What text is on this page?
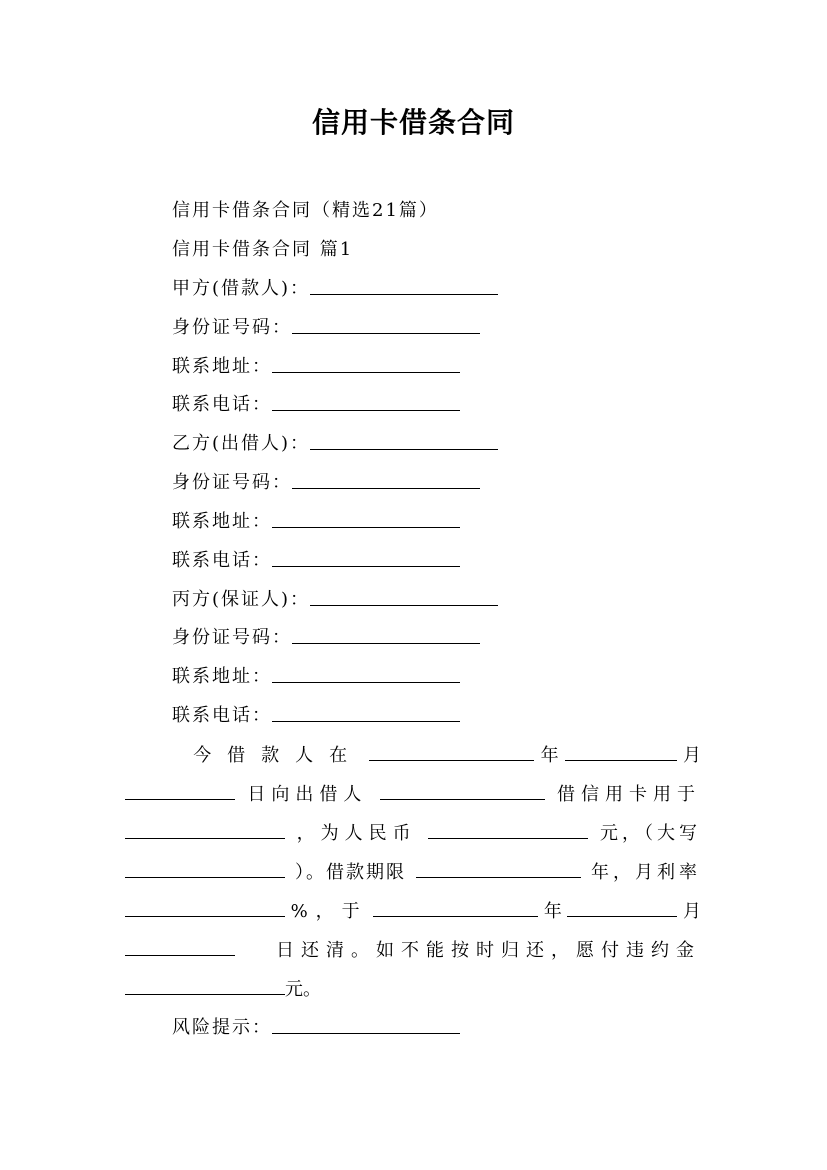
信用卡借条合同
信用卡借条合同（精选21篇）
信用卡借条合同 篇1
甲方(借款人)：
身份证号码：
联系地址：
联系电话：
乙方(出借人)：
身份证号码：
联系地址：
联系电话：
丙方(保证人)：
身份证号码：
联系地址：
联系电话：
今借款人在	年	月
日向出借人	借信用卡用于
，为人民币	元，（大写
）。借款期限	年，月利率
%，于	年	月
日还清。如不能按时归还，愿付违约金
元。
风险提示：
